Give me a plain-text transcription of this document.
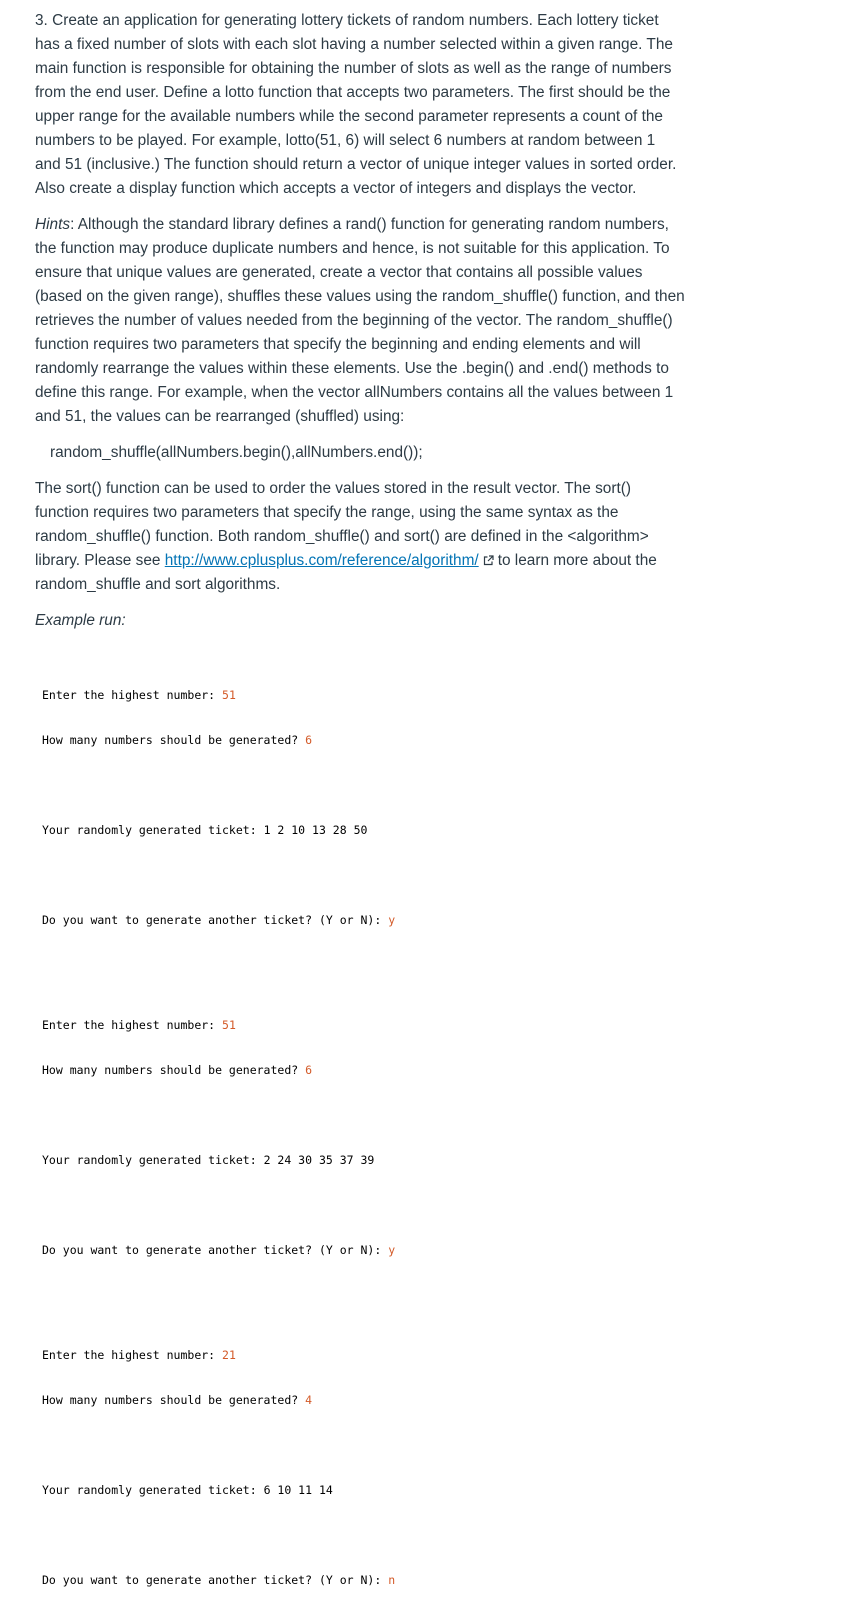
3. Create an application for generating lottery tickets of random numbers. Each lottery ticket has a fixed number of slots with each slot having a number selected within a given range. The main function is responsible for obtaining the number of slots as well as the range of numbers from the end user. Define a lotto function that accepts two parameters. The first should be the upper range for the available numbers while the second parameter represents a count of the numbers to be played. For example, lotto(51, 6) will select 6 numbers at random between 1 and 51 (inclusive.) The function should return a vector of unique integer values in sorted order. Also create a display function which accepts a vector of integers and displays the vector.

Hints: Although the standard library defines a rand() function for generating random numbers, the function may produce duplicate numbers and hence, is not suitable for this application. To ensure that unique values are generated, create a vector that contains all possible values (based on the given range), shuffles these values using the random_shuffle() function, and then retrieves the number of values needed from the beginning of the vector. The random_shuffle() function requires two parameters that specify the beginning and ending elements and will randomly rearrange the values within these elements. Use the .begin() and .end() methods to define this range. For example, when the vector allNumbers contains all the values between 1 and 51, the values can be rearranged (shuffled) using:

random_shuffle(allNumbers.begin(),allNumbers.end());

The sort() function can be used to order the values stored in the result vector. The sort() function requires two parameters that specify the range, using the same syntax as the random_shuffle() function. Both random_shuffle() and sort() are defined in the <algorithm> library. Please see http://www.cplusplus.com/reference/algorithm/ to learn more about the random_shuffle and sort algorithms.

Example run:

Enter the highest number: 51

How many numbers should be generated? 6

Your randomly generated ticket: 1 2 10 13 28 50

Do you want to generate another ticket? (Y or N): y

Enter the highest number: 51

How many numbers should be generated? 6

Your randomly generated ticket: 2 24 30 35 37 39

Do you want to generate another ticket? (Y or N): y

Enter the highest number: 21

How many numbers should be generated? 4

Your randomly generated ticket: 6 10 11 14

Do you want to generate another ticket? (Y or N): n
